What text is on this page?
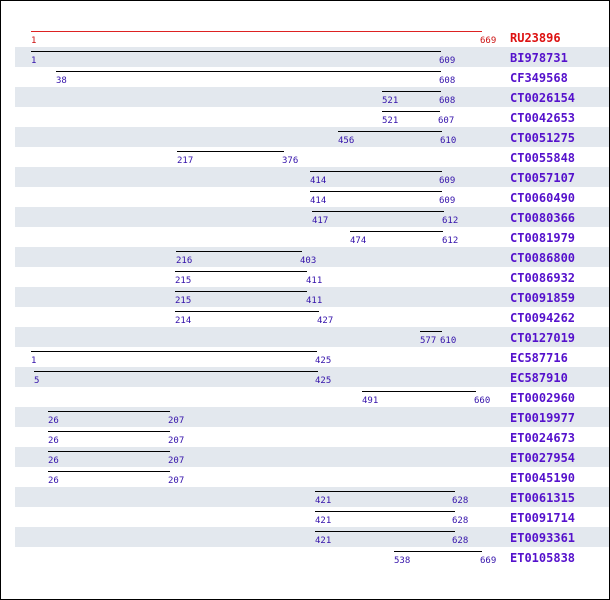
1	669 RU23896
1	609	BI978731
38	608	CF349568
521	608	CT0026154
521	607	CT0042653
456	610	CT0051275
217	376	CT0055848
414	609	CT0057107
414	609	CT0060490
417	612	CT0080366
474	612	CT0081979
216	403	CT0086800
215	411	CT0086932
215	411	CT0091859
214	427	CT0094262
577 610	CT0127019
1	425	EC587716
5	425	EC587910
491	660 ET0002960
26	207	ET0019977
26	207	ET0024673
26	207	ET0027954
26	207	ET0045190
421	628	ET0061315
421	628	ET0091714
421	628	ET0093361
538	669 ET0105838
